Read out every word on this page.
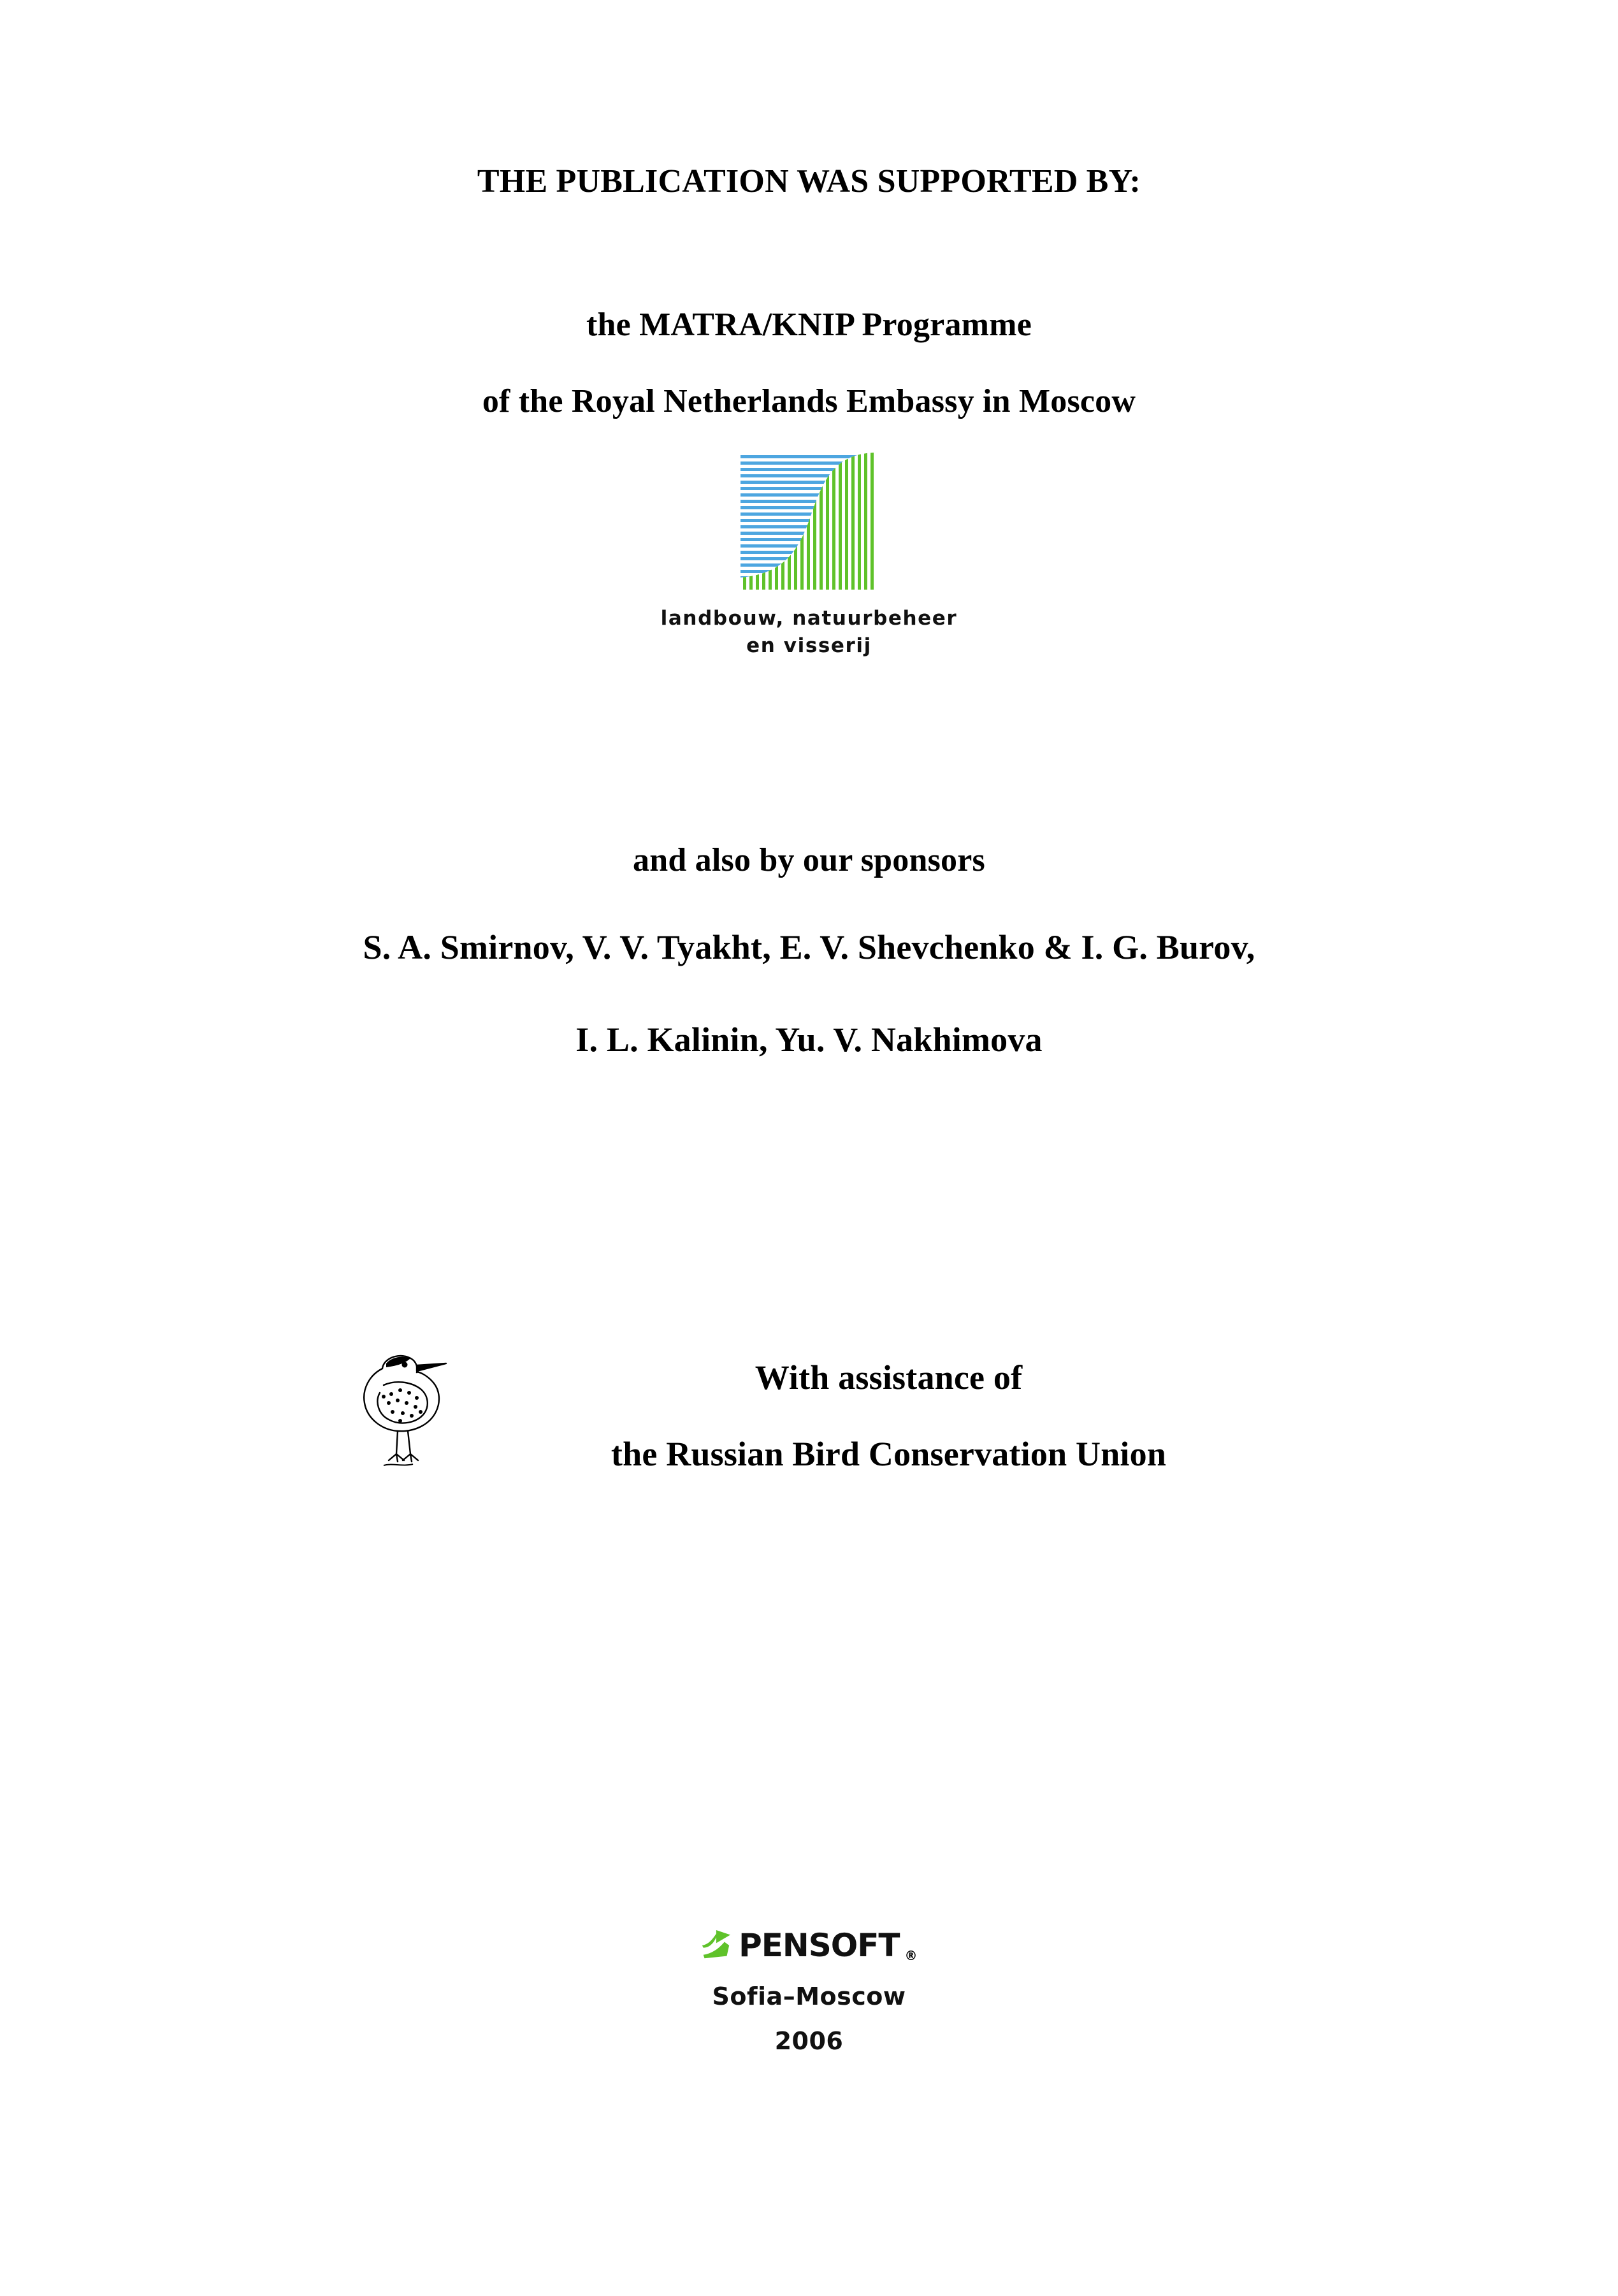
THE PUBLICATION WAS SUPPORTED BY:
the MATRA/KNIP Programme
of the Royal Netherlands Embassy in Moscow
landbouw, natuurbeheer
en visserij
and also by our sponsors
S. A. Smirnov, V. V. Tyakht, E. V. Shevchenko & I. G. Burov,
I. L. Kalinin, Yu. V. Nakhimova
With assistance of
the Russian Bird Conservation Union
PENSOFT ®
Sofia–Moscow
2006
